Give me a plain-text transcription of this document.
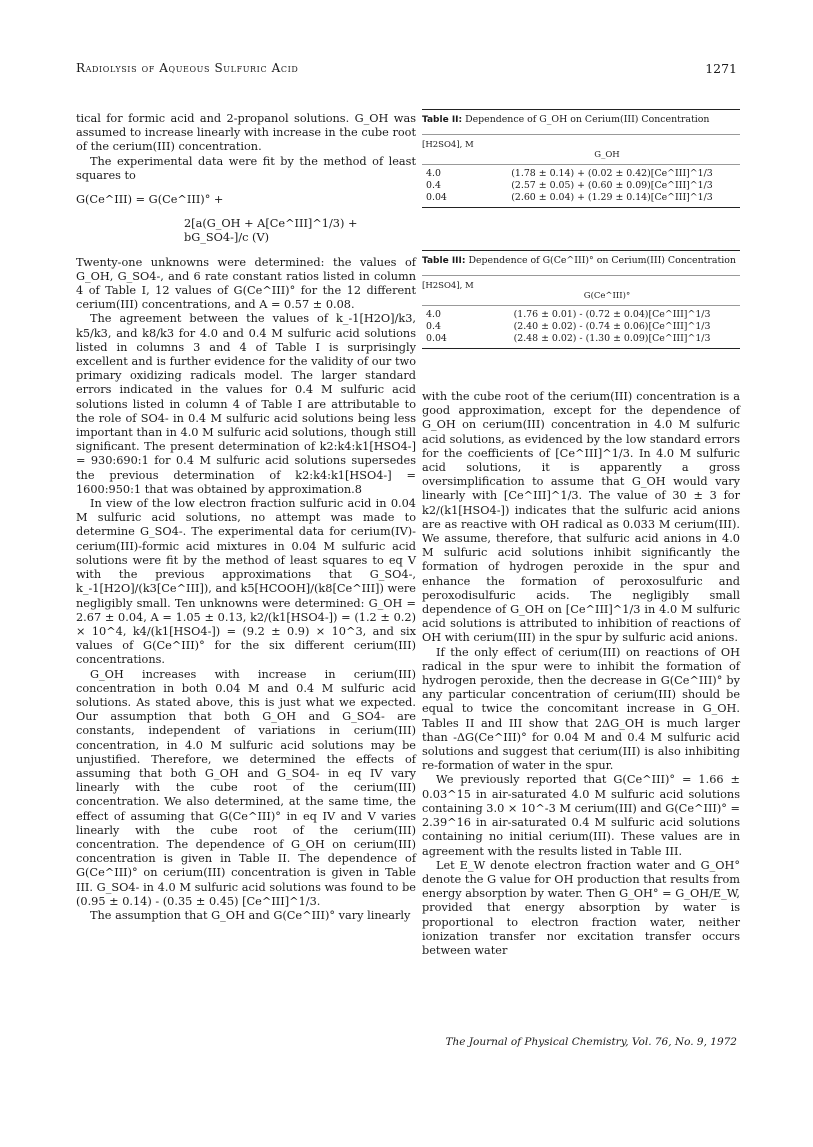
Radiolysis of Aqueous Sulfuric Acid	1271

tical for formic acid and 2-propanol solutions. G_OH was assumed to increase linearly with increase in the cube root of the cerium(III) concentration.

The experimental data were fit by the method of least squares to

G(Ce^III) = G(Ce^III)° +
2[a(G_OH + A[Ce^III]^1/3) + bG_SO4-]/c (V)

Twenty-one unknowns were determined: the values of G_OH, G_SO4-, and 6 rate constant ratios listed in column 4 of Table I, 12 values of G(Ce^III)° for the 12 different cerium(III) concentrations, and A = 0.57 ± 0.08.

The agreement between the values of k_-1[H2O]/k3, k5/k3, and k8/k3 for 4.0 and 0.4 M sulfuric acid solutions listed in columns 3 and 4 of Table I is surprisingly excellent and is further evidence for the validity of our two primary oxidizing radicals model. The larger standard errors indicated in the values for 0.4 M sulfuric acid solutions listed in column 4 of Table I are attributable to the role of SO4- in 0.4 M sulfuric acid solutions being less important than in 4.0 M sulfuric acid solutions, though still significant. The present determination of k2:k4:k1[HSO4-] = 930:690:1 for 0.4 M sulfuric acid solutions supersedes the previous determination of k2:k4:k1[HSO4-] = 1600:950:1 that was obtained by approximation.8

In view of the low electron fraction sulfuric acid in 0.04 M sulfuric acid solutions, no attempt was made to determine G_SO4-. The experimental data for cerium(IV)-cerium(III)-formic acid mixtures in 0.04 M sulfuric acid solutions were fit by the method of least squares to eq V with the previous approximations that G_SO4-, k_-1[H2O]/(k3[Ce^III]), and k5[HCOOH]/(k8[Ce^III]) were negligibly small. Ten unknowns were determined: G_OH = 2.67 ± 0.04, A = 1.05 ± 0.13, k2/(k1[HSO4-]) = (1.2 ± 0.2) × 10^4, k4/(k1[HSO4-]) = (9.2 ± 0.9) × 10^3, and six values of G(Ce^III)° for the six different cerium(III) concentrations.

G_OH increases with increase in cerium(III) concentration in both 0.04 M and 0.4 M sulfuric acid solutions. As stated above, this is just what we expected. Our assumption that both G_OH and G_SO4- are constants, independent of variations in cerium(III) concentration, in 4.0 M sulfuric acid solutions may be unjustified. Therefore, we determined the effects of assuming that both G_OH and G_SO4- in eq IV vary linearly with the cube root of the cerium(III) concentration. We also determined, at the same time, the effect of assuming that G(Ce^III)° in eq IV and V varies linearly with the cube root of the cerium(III) concentration. The dependence of G_OH on cerium(III) concentration is given in Table II. The dependence of G(Ce^III)° on cerium(III) concentration is given in Table III. G_SO4- in 4.0 M sulfuric acid solutions was found to be (0.95 ± 0.14) - (0.35 ± 0.45) [Ce^III]^1/3.

The assumption that G_OH and G(Ce^III)° vary linearly

Table II: Dependence of G_OH on Cerium(III) Concentration
[H2SO4], M
G_OH
4.0	(1.78 ± 0.14) + (0.02 ± 0.42)[Ce^III]^1/3
0.4	(2.57 ± 0.05) + (0.60 ± 0.09)[Ce^III]^1/3
0.04	(2.60 ± 0.04) + (1.29 ± 0.14)[Ce^III]^1/3
Table III: Dependence of G(Ce^III)° on Cerium(III) Concentration
[H2SO4], M
G(Ce^III)°
4.0	(1.76 ± 0.01) - (0.72 ± 0.04)[Ce^III]^1/3
0.4	(2.40 ± 0.02) - (0.74 ± 0.06)[Ce^III]^1/3
0.04	(2.48 ± 0.02) - (1.30 ± 0.09)[Ce^III]^1/3

with the cube root of the cerium(III) concentration is a good approximation, except for the dependence of G_OH on cerium(III) concentration in 4.0 M sulfuric acid solutions, as evidenced by the low standard errors for the coefficients of [Ce^III]^1/3. In 4.0 M sulfuric acid solutions, it is apparently a gross oversimplification to assume that G_OH would vary linearly with [Ce^III]^1/3. The value of 30 ± 3 for k2/(k1[HSO4-]) indicates that the sulfuric acid anions are as reactive with OH radical as 0.033 M cerium(III). We assume, therefore, that sulfuric acid anions in 4.0 M sulfuric acid solutions inhibit significantly the formation of hydrogen peroxide in the spur and enhance the formation of peroxosulfuric and peroxodisulfuric acids. The negligibly small dependence of G_OH on [Ce^III]^1/3 in 4.0 M sulfuric acid solutions is attributed to inhibition of reactions of OH with cerium(III) in the spur by sulfuric acid anions.

If the only effect of cerium(III) on reactions of OH radical in the spur were to inhibit the formation of hydrogen peroxide, then the decrease in G(Ce^III)° by any particular concentration of cerium(III) should be equal to twice the concomitant increase in G_OH. Tables II and III show that 2ΔG_OH is much larger than -ΔG(Ce^III)° for 0.04 M and 0.4 M sulfuric acid solutions and suggest that cerium(III) is also inhibiting re-formation of water in the spur.

We previously reported that G(Ce^III)° = 1.66 ± 0.03^15 in air-saturated 4.0 M sulfuric acid solutions containing 3.0 × 10^-3 M cerium(III) and G(Ce^III)° = 2.39^16 in air-saturated 0.4 M sulfuric acid solutions containing no initial cerium(III). These values are in agreement with the results listed in Table III.

Let E_W denote electron fraction water and G_OH° denote the G value for OH production that results from energy absorption by water. Then G_OH° = G_OH/E_W, provided that energy absorption by water is proportional to electron fraction water, neither ionization transfer nor excitation transfer occurs between water

The Journal of Physical Chemistry, Vol. 76, No. 9, 1972
